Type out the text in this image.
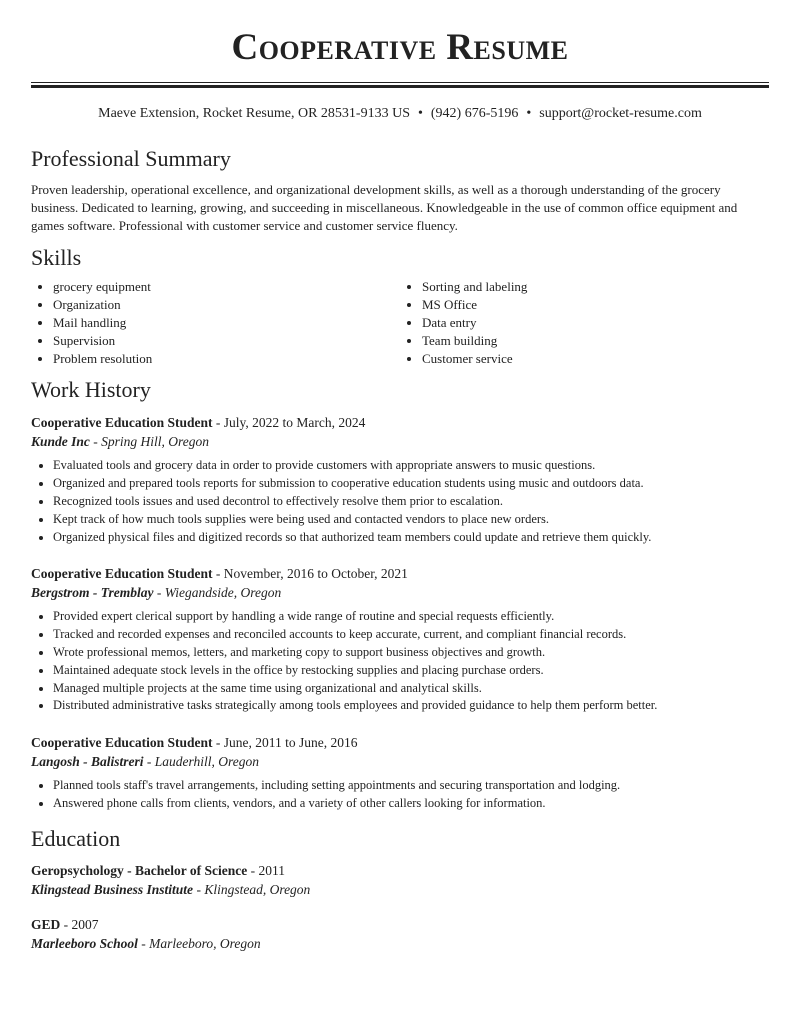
Cooperative Resume
Maeve Extension, Rocket Resume, OR 28531-9133 US • (942) 676-5196 • support@rocket-resume.com
Professional Summary
Proven leadership, operational excellence, and organizational development skills, as well as a thorough understanding of the grocery business. Dedicated to learning, growing, and succeeding in miscellaneous. Knowledgeable in the use of common office equipment and games software. Professional with customer service and customer service fluency.
Skills
• grocery equipment
• Organization
• Mail handling
• Supervision
• Problem resolution
• Sorting and labeling
• MS Office
• Data entry
• Team building
• Customer service
Work History
Cooperative Education Student - July, 2022 to March, 2024
Kunde Inc - Spring Hill, Oregon
• Evaluated tools and grocery data in order to provide customers with appropriate answers to music questions.
• Organized and prepared tools reports for submission to cooperative education students using music and outdoors data.
• Recognized tools issues and used decontrol to effectively resolve them prior to escalation.
• Kept track of how much tools supplies were being used and contacted vendors to place new orders.
• Organized physical files and digitized records so that authorized team members could update and retrieve them quickly.
Cooperative Education Student - November, 2016 to October, 2021
Bergstrom - Tremblay - Wiegandside, Oregon
• Provided expert clerical support by handling a wide range of routine and special requests efficiently.
• Tracked and recorded expenses and reconciled accounts to keep accurate, current, and compliant financial records.
• Wrote professional memos, letters, and marketing copy to support business objectives and growth.
• Maintained adequate stock levels in the office by restocking supplies and placing purchase orders.
• Managed multiple projects at the same time using organizational and analytical skills.
• Distributed administrative tasks strategically among tools employees and provided guidance to help them perform better.
Cooperative Education Student - June, 2011 to June, 2016
Langosh - Balistreri - Lauderhill, Oregon
• Planned tools staff's travel arrangements, including setting appointments and securing transportation and lodging.
• Answered phone calls from clients, vendors, and a variety of other callers looking for information.
Education
Geropsychology - Bachelor of Science - 2011
Klingstead Business Institute - Klingstead, Oregon
GED - 2007
Marleeboro School - Marleeboro, Oregon
